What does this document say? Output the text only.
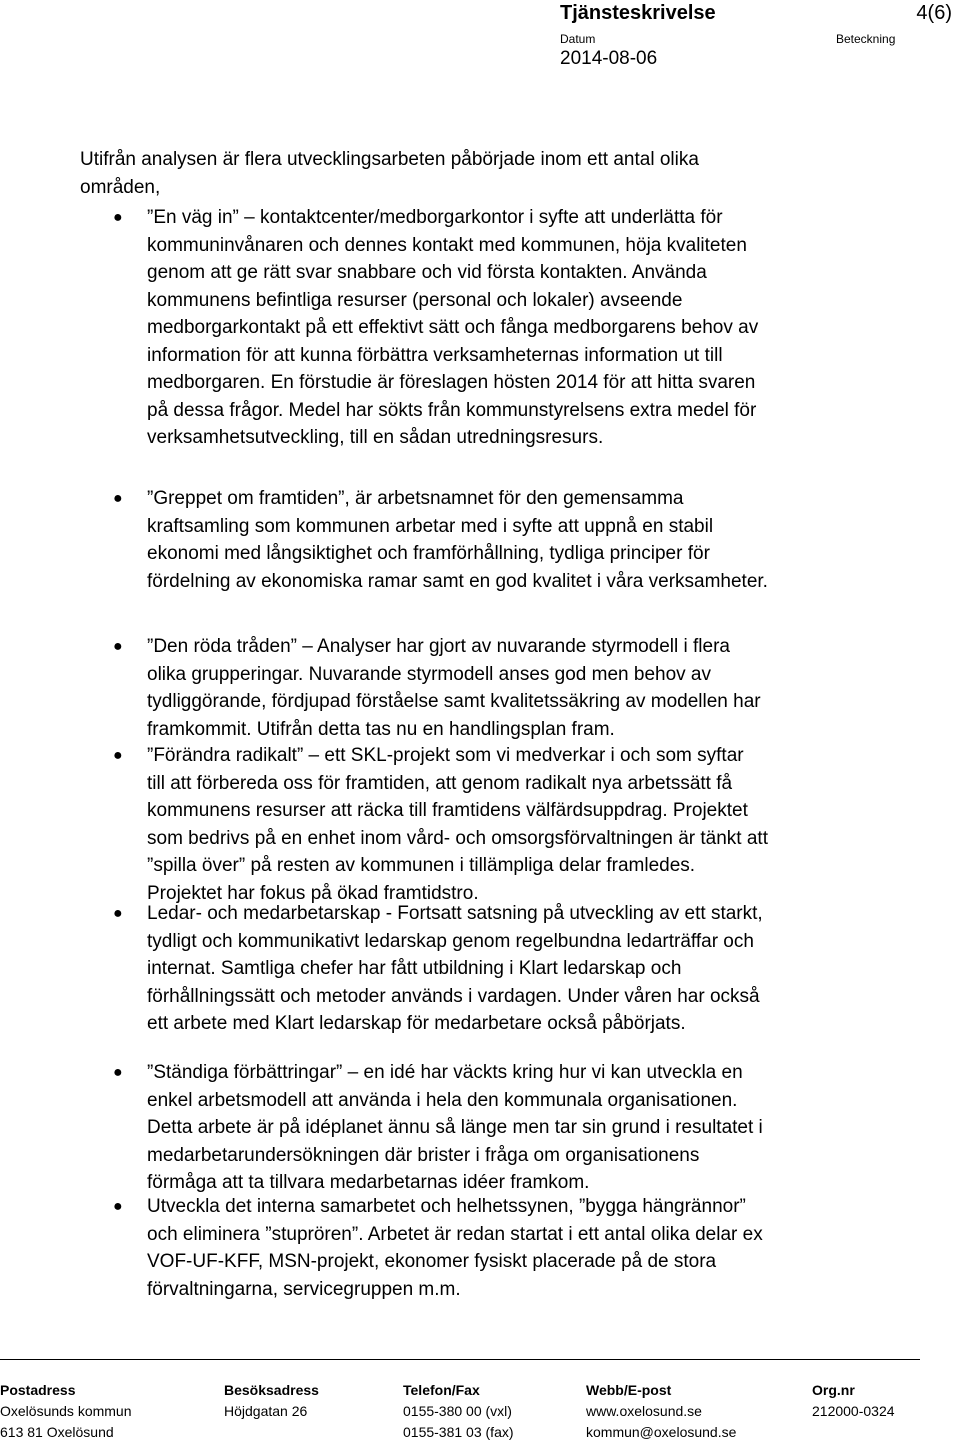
Tjänsteskrivelse	4(6)
Datum	Beteckning
2014-08-06
Utifrån analysen är flera utvecklingsarbeten påbörjade inom ett antal olika
områden,
● ”En väg in” – kontaktcenter/medborgarkontor i syfte att underlätta för
kommuninvånaren och dennes kontakt med kommunen, höja kvaliteten
genom att ge rätt svar snabbare och vid första kontakten. Använda
kommunens befintliga resurser (personal och lokaler) avseende
medborgarkontakt på ett effektivt sätt och fånga medborgarens behov av
information för att kunna förbättra verksamheternas information ut till
medborgaren. En förstudie är föreslagen hösten 2014 för att hitta svaren
på dessa frågor. Medel har sökts från kommunstyrelsens extra medel för
verksamhetsutveckling, till en sådan utredningsresurs.
● ”Greppet om framtiden”, är arbetsnamnet för den gemensamma
kraftsamling som kommunen arbetar med i syfte att uppnå en stabil
ekonomi med långsiktighet och framförhållning, tydliga principer för
fördelning av ekonomiska ramar samt en god kvalitet i våra verksamheter.
● ”Den röda tråden” – Analyser har gjort av nuvarande styrmodell i flera
olika grupperingar. Nuvarande styrmodell anses god men behov av
tydliggörande, fördjupad förståelse samt kvalitetssäkring av modellen har
framkommit. Utifrån detta tas nu en handlingsplan fram.
● ”Förändra radikalt” – ett SKL-projekt som vi medverkar i och som syftar
till att förbereda oss för framtiden, att genom radikalt nya arbetssätt få
kommunens resurser att räcka till framtidens välfärdsuppdrag. Projektet
som bedrivs på en enhet inom vård- och omsorgsförvaltningen är tänkt att
”spilla över” på resten av kommunen i tillämpliga delar framledes.
Projektet har fokus på ökad framtidstro.
● Ledar- och medarbetarskap - Fortsatt satsning på utveckling av ett starkt,
tydligt och kommunikativt ledarskap genom regelbundna ledarträffar och
internat. Samtliga chefer har fått utbildning i Klart ledarskap och
förhållningssätt och metoder används i vardagen. Under våren har också
ett arbete med Klart ledarskap för medarbetare också påbörjats.
● ”Ständiga förbättringar” – en idé har väckts kring hur vi kan utveckla en
enkel arbetsmodell att använda i hela den kommunala organisationen.
Detta arbete är på idéplanet ännu så länge men tar sin grund i resultatet i
medarbetarundersökningen där brister i fråga om organisationens
förmåga att ta tillvara medarbetarnas idéer framkom.
● Utveckla det interna samarbetet och helhetssynen, ”bygga hängrännor”
och eliminera ”stuprören”. Arbetet är redan startat i ett antal olika delar ex
VOF-UF-KFF, MSN-projekt, ekonomer fysiskt placerade på de stora
förvaltningarna, servicegruppen m.m.
Postadress
Oxelösunds kommun
613 81 Oxelösund
Besöksadress
Höjdgatan 26
Telefon/Fax
0155-380 00 (vxl)
0155-381 03 (fax)
Webb/E-post
www.oxelosund.se
kommun@oxelosund.se
Org.nr
212000-0324
